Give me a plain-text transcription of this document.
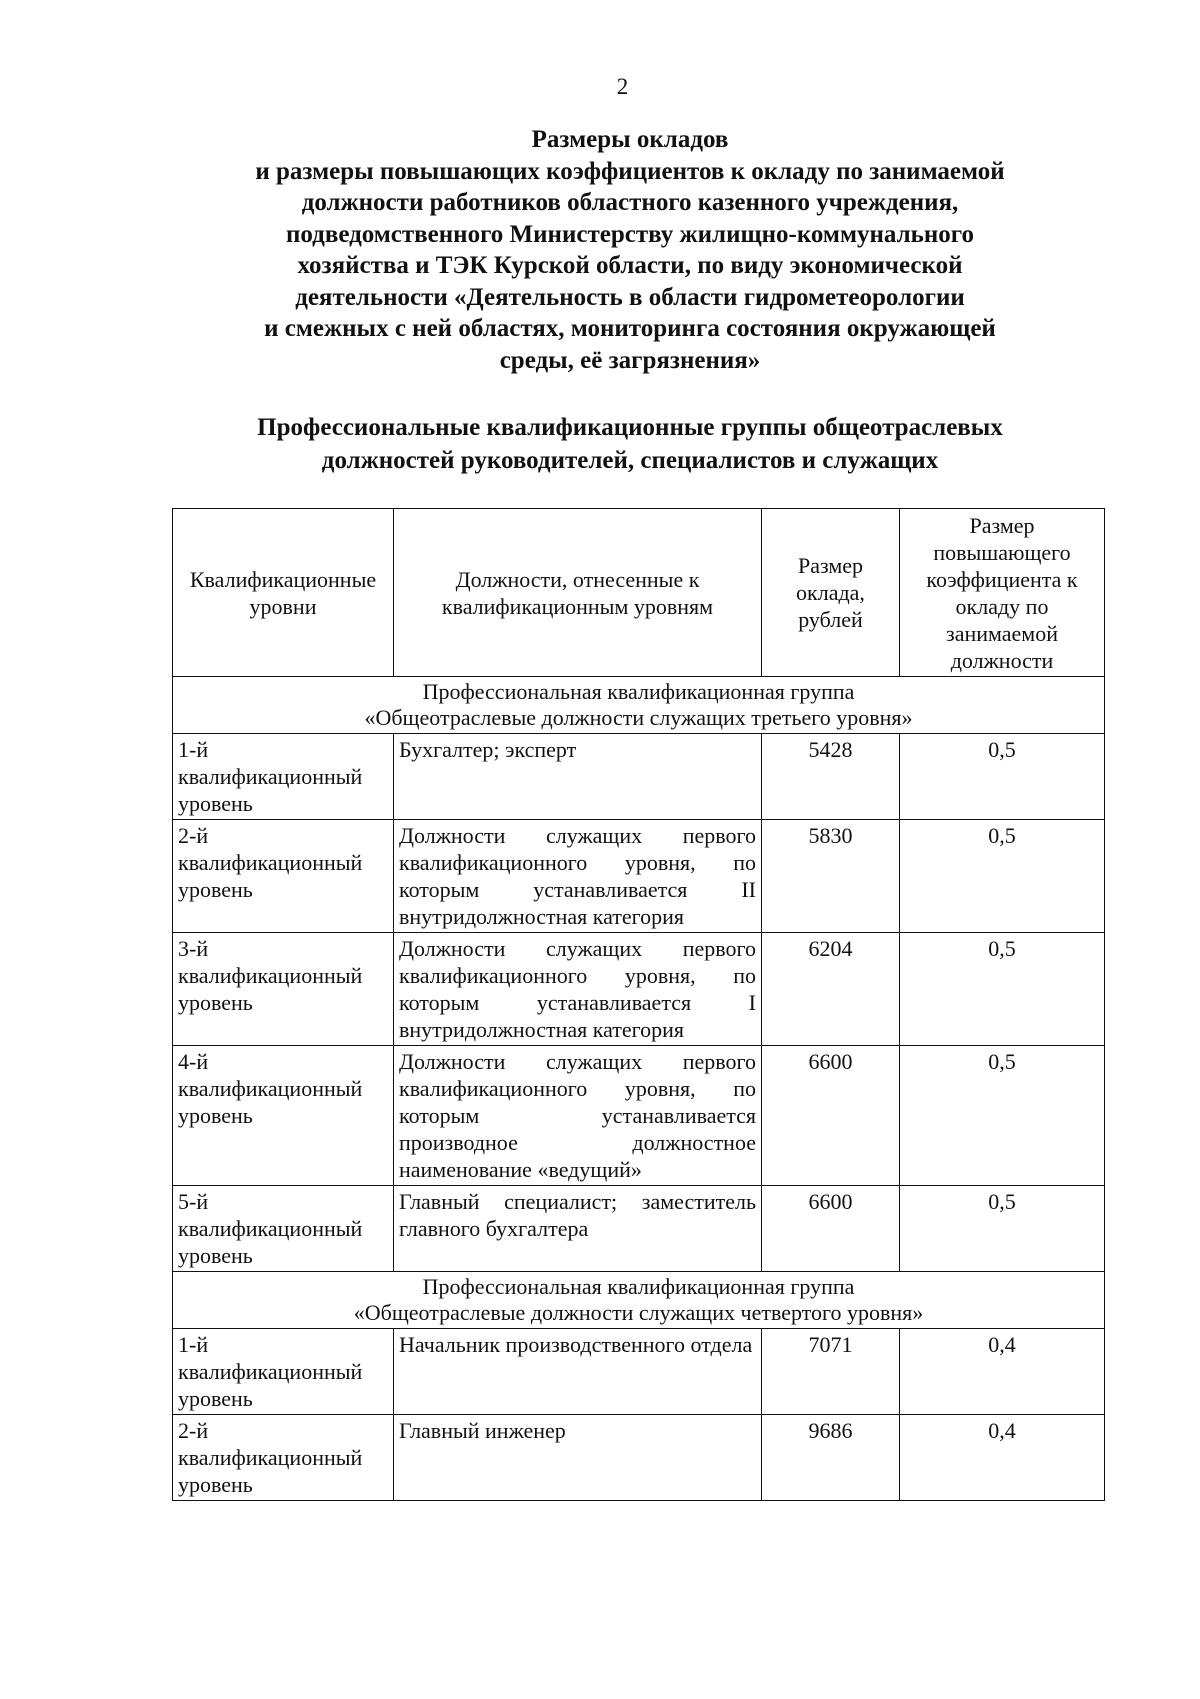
2
Размеры окладов
и размеры повышающих коэффициентов к окладу по занимаемой
должности работников областного казенного учреждения,
подведомственного Министерству жилищно-коммунального
хозяйства и ТЭК Курской области, по виду экономической
деятельности «Деятельность в области гидрометеорологии
и смежных с ней областях, мониторинга состояния окружающей
среды, её загрязнения»
Профессиональные квалификационные группы общеотраслевых
должностей руководителей, специалистов и служащих
Квалификационные уровни	Должности, отнесенные к квалификационным уровням	Размер оклада, рублей	Размер повышающего коэффициента к окладу по занимаемой должности

Профессиональная квалификационная группа
«Общеотраслевые должности служащих третьего уровня»			

1-й квалификационный уровень	Бухгалтер; эксперт	5428	0,5
2-й квалификационный уровень	Должности служащих первого квалификационного уровня, по которым устанавливается II внутридолжностная категория	5830	0,5
3-й квалификационный уровень	Должности служащих первого квалификационного уровня, по которым устанавливается I внутридолжностная категория	6204	0,5
4-й квалификационный уровень	Должности служащих первого квалификационного уровня, по которым устанавливается производное должностное наименование «ведущий»	6600	0,5
5-й квалификационный уровень	Главный специалист; заместитель главного бухгалтера	6600	0,5

Профессиональная квалификационная группа
«Общеотраслевые должности служащих четвертого уровня»			

1-й квалификационный уровень	Начальник производственного отдела	7071	0,4
2-й квалификационный уровень	Главный инженер	9686	0,4
